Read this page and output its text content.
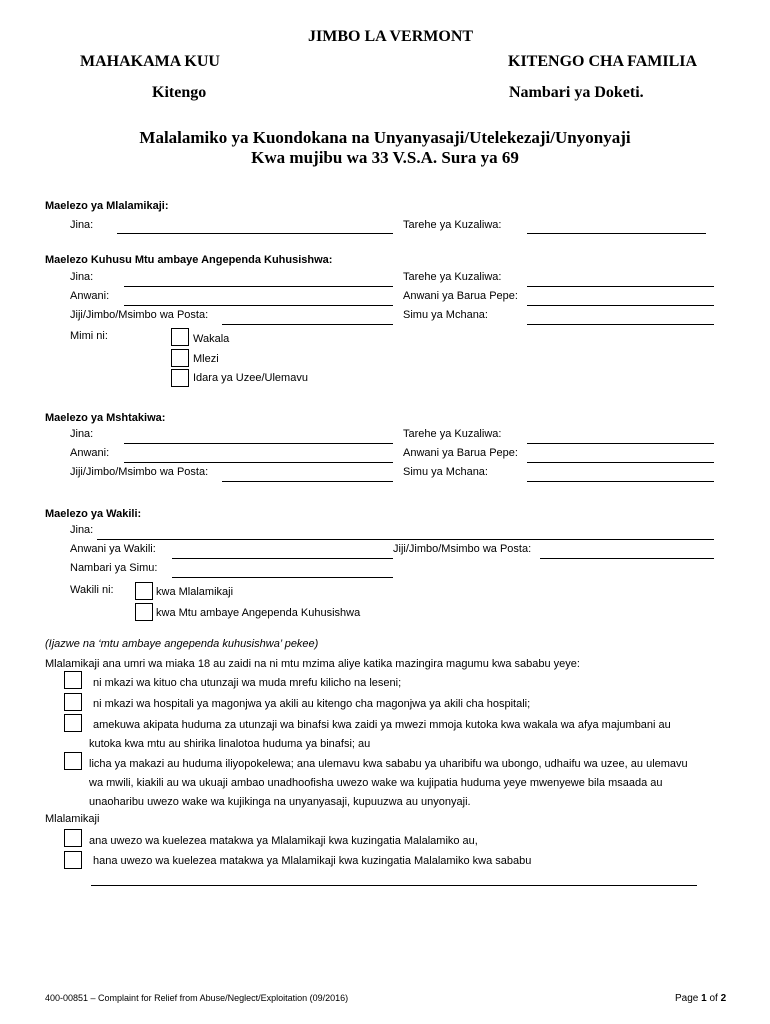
JIMBO LA VERMONT
MAHAKAMA KUU	KITENGO CHA FAMILIA
Kitengo	Nambari ya Doketi.
Malalamiko ya Kuondokana na Unyanyasaji/Utelekezaji/Unyonyaji
Kwa mujibu wa 33 V.S.A. Sura ya 69
Maelezo ya Mlalamikaji:
Jina:	Tarehe ya Kuzaliwa:
Maelezo Kuhusu Mtu ambaye Angependa Kuhusishwa:
Jina:	Tarehe ya Kuzaliwa:
Anwani:	Anwani ya Barua Pepe:
Jiji/Jimbo/Msimbo wa Posta:	Simu ya Mchana:
Mimi ni:	Wakala
Mlezi
Idara ya Uzee/Ulemavu
Maelezo ya Mshtakiwa:
Jina:	Tarehe ya Kuzaliwa:
Anwani:	Anwani ya Barua Pepe:
Jiji/Jimbo/Msimbo wa Posta:	Simu ya Mchana:
Maelezo ya Wakili:
Jina:
Anwani ya Wakili:	Jiji/Jimbo/Msimbo wa Posta:
Nambari ya Simu:
Wakili ni:	kwa Mlalamikaji
kwa Mtu ambaye Angependa Kuhusishwa
(Ijazwe na ‘mtu ambaye angependa kuhusishwa’ pekee)
Mlalamikaji ana umri wa miaka 18 au zaidi na ni mtu mzima aliye katika mazingira magumu kwa sababu yeye:
ni mkazi wa kituo cha utunzaji wa muda mrefu kilicho na leseni;
ni mkazi wa hospitali ya magonjwa ya akili au kitengo cha magonjwa ya akili cha hospitali;
amekuwa akipata huduma za utunzaji wa binafsi kwa zaidi ya mwezi mmoja kutoka kwa wakala wa afya majumbani au
kutoka kwa mtu au shirika linalotoa huduma ya binafsi; au
licha ya makazi au huduma iliyopokelewa; ana ulemavu kwa sababu ya uharibifu wa ubongo, udhaifu wa uzee, au ulemavu
wa mwili, kiakili au wa ukuaji ambao unadhoofisha uwezo wake wa kujipatia huduma yeye mwenyewe bila msaada au
unaoharibu uwezo wake wa kujikinga na unyanyasaji, kupuuzwa au unyonyaji.
Mlalamikaji
ana uwezo wa kuelezea matakwa ya Mlalamikaji kwa kuzingatia Malalamiko au,
hana uwezo wa kuelezea matakwa ya Mlalamikaji kwa kuzingatia Malalamiko kwa sababu
400-00851 – Complaint for Relief from Abuse/Neglect/Exploitation (09/2016)	Page 1 of 2
